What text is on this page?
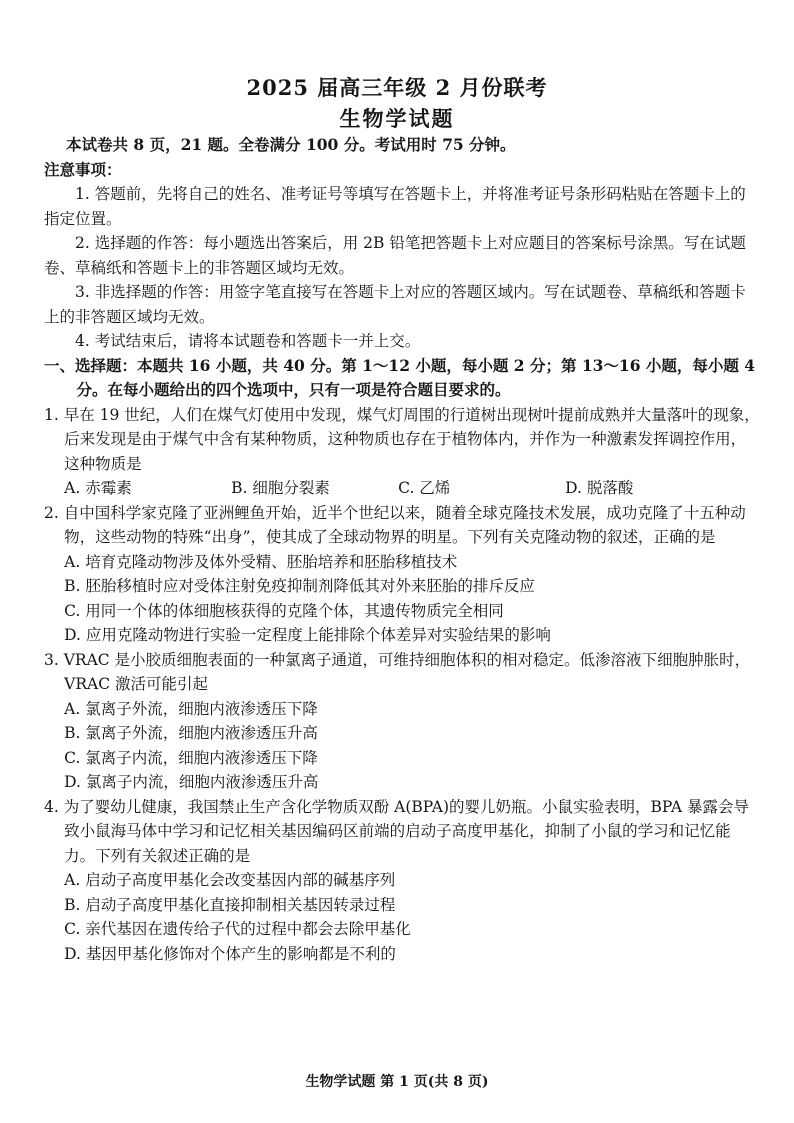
2025 届高三年级 2 月份联考
生物学试题
本试卷共 8 页，21 题。全卷满分 100 分。考试用时 75 分钟。
注意事项：
1. 答题前，先将自己的姓名、准考证号等填写在答题卡上，并将准考证号条形码粘贴在答题卡上的指定位置。
2. 选择题的作答：每小题选出答案后，用 2B 铅笔把答题卡上对应题目的答案标号涂黑。写在试题卷、草稿纸和答题卡上的非答题区域均无效。
3. 非选择题的作答：用签字笔直接写在答题卡上对应的答题区域内。写在试题卷、草稿纸和答题卡上的非答题区域均无效。
4. 考试结束后，请将本试题卷和答题卡一并上交。
一、选择题：本题共 16 小题，共 40 分。第 1～12 小题，每小题 2 分；第 13～16 小题，每小题 4 分。在每小题给出的四个选项中，只有一项是符合题目要求的。
1. 早在 19 世纪，人们在煤气灯使用中发现，煤气灯周围的行道树出现树叶提前成熟并大量落叶的现象，后来发现是由于煤气中含有某种物质，这种物质也存在于植物体内，并作为一种激素发挥调控作用，这种物质是
A. 赤霉素	B. 细胞分裂素	C. 乙烯	D. 脱落酸
2. 自中国科学家克隆了亚洲鲤鱼开始，近半个世纪以来，随着全球克隆技术发展，成功克隆了十五种动物，这些动物的特殊“出身”，使其成了全球动物界的明星。下列有关克隆动物的叙述，正确的是
A. 培育克隆动物涉及体外受精、胚胎培养和胚胎移植技术
B. 胚胎移植时应对受体注射免疫抑制剂降低其对外来胚胎的排斥反应
C. 用同一个体的体细胞核获得的克隆个体，其遗传物质完全相同
D. 应用克隆动物进行实验一定程度上能排除个体差异对实验结果的影响
3. VRAC 是小胶质细胞表面的一种氯离子通道，可维持细胞体积的相对稳定。低渗溶液下细胞肿胀时，VRAC 激活可能引起
A. 氯离子外流，细胞内液渗透压下降
B. 氯离子外流，细胞内液渗透压升高
C. 氯离子内流，细胞内液渗透压下降
D. 氯离子内流，细胞内液渗透压升高
4. 为了婴幼儿健康，我国禁止生产含化学物质双酚 A(BPA)的婴儿奶瓶。小鼠实验表明，BPA 暴露会导致小鼠海马体中学习和记忆相关基因编码区前端的启动子高度甲基化，抑制了小鼠的学习和记忆能力。下列有关叙述正确的是
A. 启动子高度甲基化会改变基因内部的碱基序列
B. 启动子高度甲基化直接抑制相关基因转录过程
C. 亲代基因在遗传给子代的过程中都会去除甲基化
D. 基因甲基化修饰对个体产生的影响都是不利的
生物学试题 第 1 页(共 8 页)
